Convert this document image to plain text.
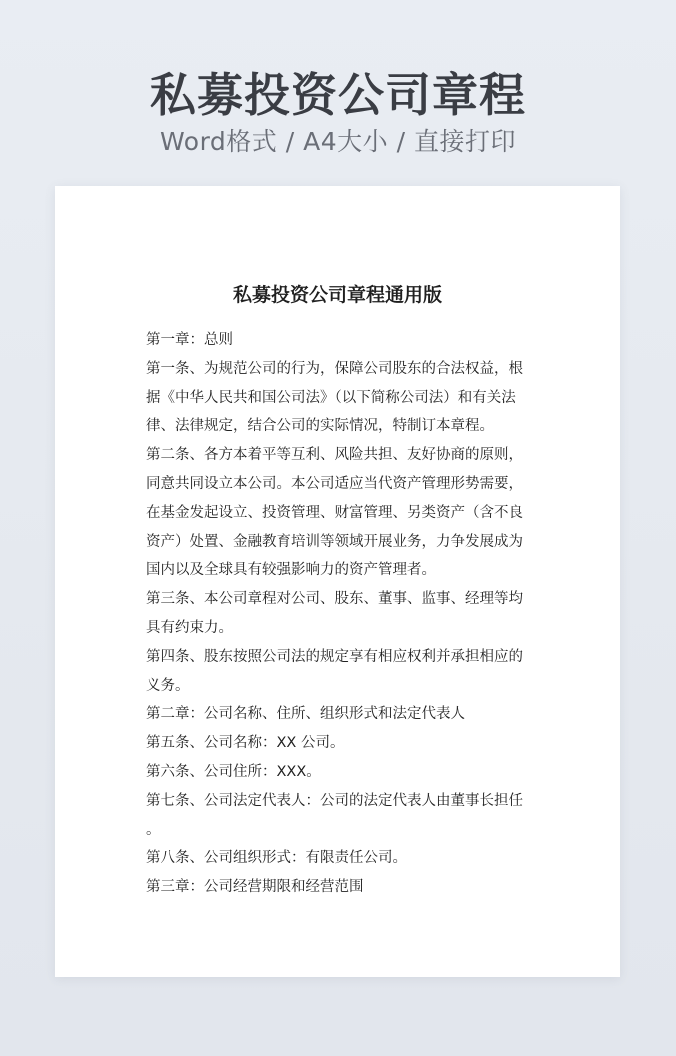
私募投资公司章程
Word格式 / A4大小 / 直接打印
私募投资公司章程通用版
第一章：总则
第一条、为规范公司的行为，保障公司股东的合法权益，根
据《中华人民共和国公司法》（以下简称公司法）和有关法
律、法律规定，结合公司的实际情况，特制订本章程。
第二条、各方本着平等互利、风险共担、友好协商的原则，
同意共同设立本公司。本公司适应当代资产管理形势需要，
在基金发起设立、投资管理、财富管理、另类资产（含不良
资产）处置、金融教育培训等领域开展业务，力争发展成为
国内以及全球具有较强影响力的资产管理者。
第三条、本公司章程对公司、股东、董事、监事、经理等均
具有约束力。
第四条、股东按照公司法的规定享有相应权利并承担相应的
义务。
第二章：公司名称、住所、组织形式和法定代表人
第五条、公司名称：XX 公司。
第六条、公司住所：XXX。
第七条、公司法定代表人：公司的法定代表人由董事长担任
。
第八条、公司组织形式：有限责任公司。
第三章：公司经营期限和经营范围
